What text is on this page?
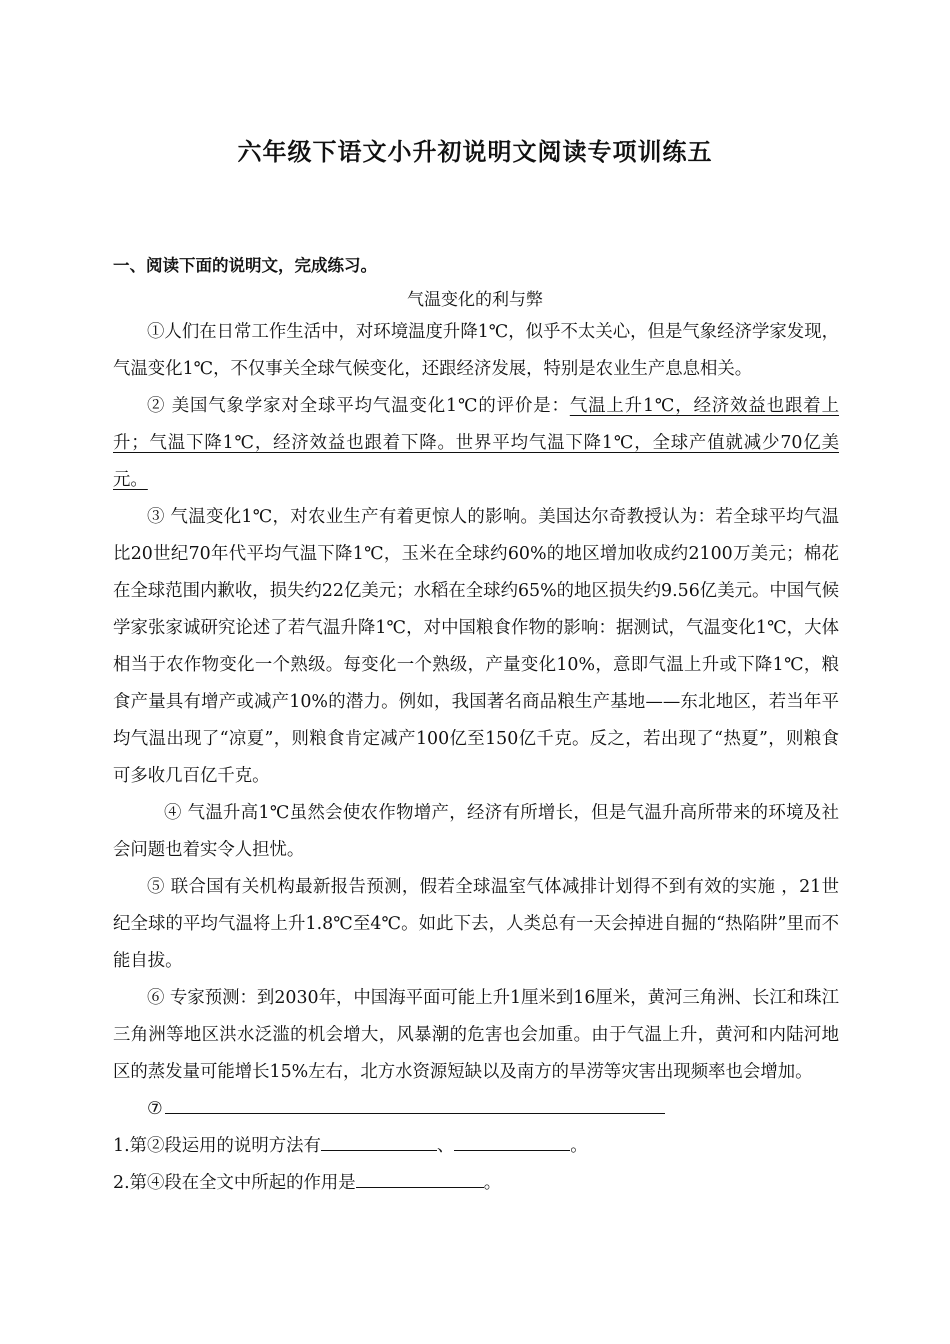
六年级下语文小升初说明文阅读专项训练五

一、阅读下面的说明文，完成练习。

气温变化的利与弊

①人们在日常工作生活中，对环境温度升降1℃，似乎不太关心，但是气象经济学家发现，气温变化1℃，不仅事关全球气候变化，还跟经济发展，特别是农业生产息息相关。

② 美国气象学家对全球平均气温变化1℃的评价是：气温上升1℃，经济效益也跟着上升；气温下降1℃，经济效益也跟着下降。世界平均气温下降1℃，全球产值就减少70亿美元。

③ 气温变化1℃，对农业生产有着更惊人的影响。美国达尔奇教授认为：若全球平均气温比20世纪70年代平均气温下降1℃，玉米在全球约60%的地区增加收成约2100万美元；棉花在全球范围内歉收，损失约22亿美元；水稻在全球约65%的地区损失约9.56亿美元。中国气候学家张家诚研究论述了若气温升降1℃，对中国粮食作物的影响：据测试，气温变化1℃，大体相当于农作物变化一个熟级。每变化一个熟级，产量变化10%，意即气温上升或下降1℃，粮食产量具有增产或减产10%的潜力。例如，我国著名商品粮生产基地——东北地区，若当年平均气温出现了“凉夏”，则粮食肯定减产100亿至150亿千克。反之，若出现了“热夏”，则粮食可多收几百亿千克。

④ 气温升高1℃虽然会使农作物增产，经济有所增长，但是气温升高所带来的环境及社会问题也着实令人担忧。

⑤ 联合国有关机构最新报告预测，假若全球温室气体减排计划得不到有效的实施 ，21世纪全球的平均气温将上升1.8℃至4℃。如此下去，人类总有一天会掉进自掘的“热陷阱”里而不能自拔。

⑥ 专家预测：到2030年，中国海平面可能上升1厘米到16厘米，黄河三角洲、长江和珠江三角洲等地区洪水泛滥的机会增大，风暴潮的危害也会加重。由于气温上升，黄河和内陆河地区的蒸发量可能增长15%左右，北方水资源短缺以及南方的旱涝等灾害出现频率也会增加。

⑦

1.第②段运用的说明方法有	、	。

2.第④段在全文中所起的作用是	。
